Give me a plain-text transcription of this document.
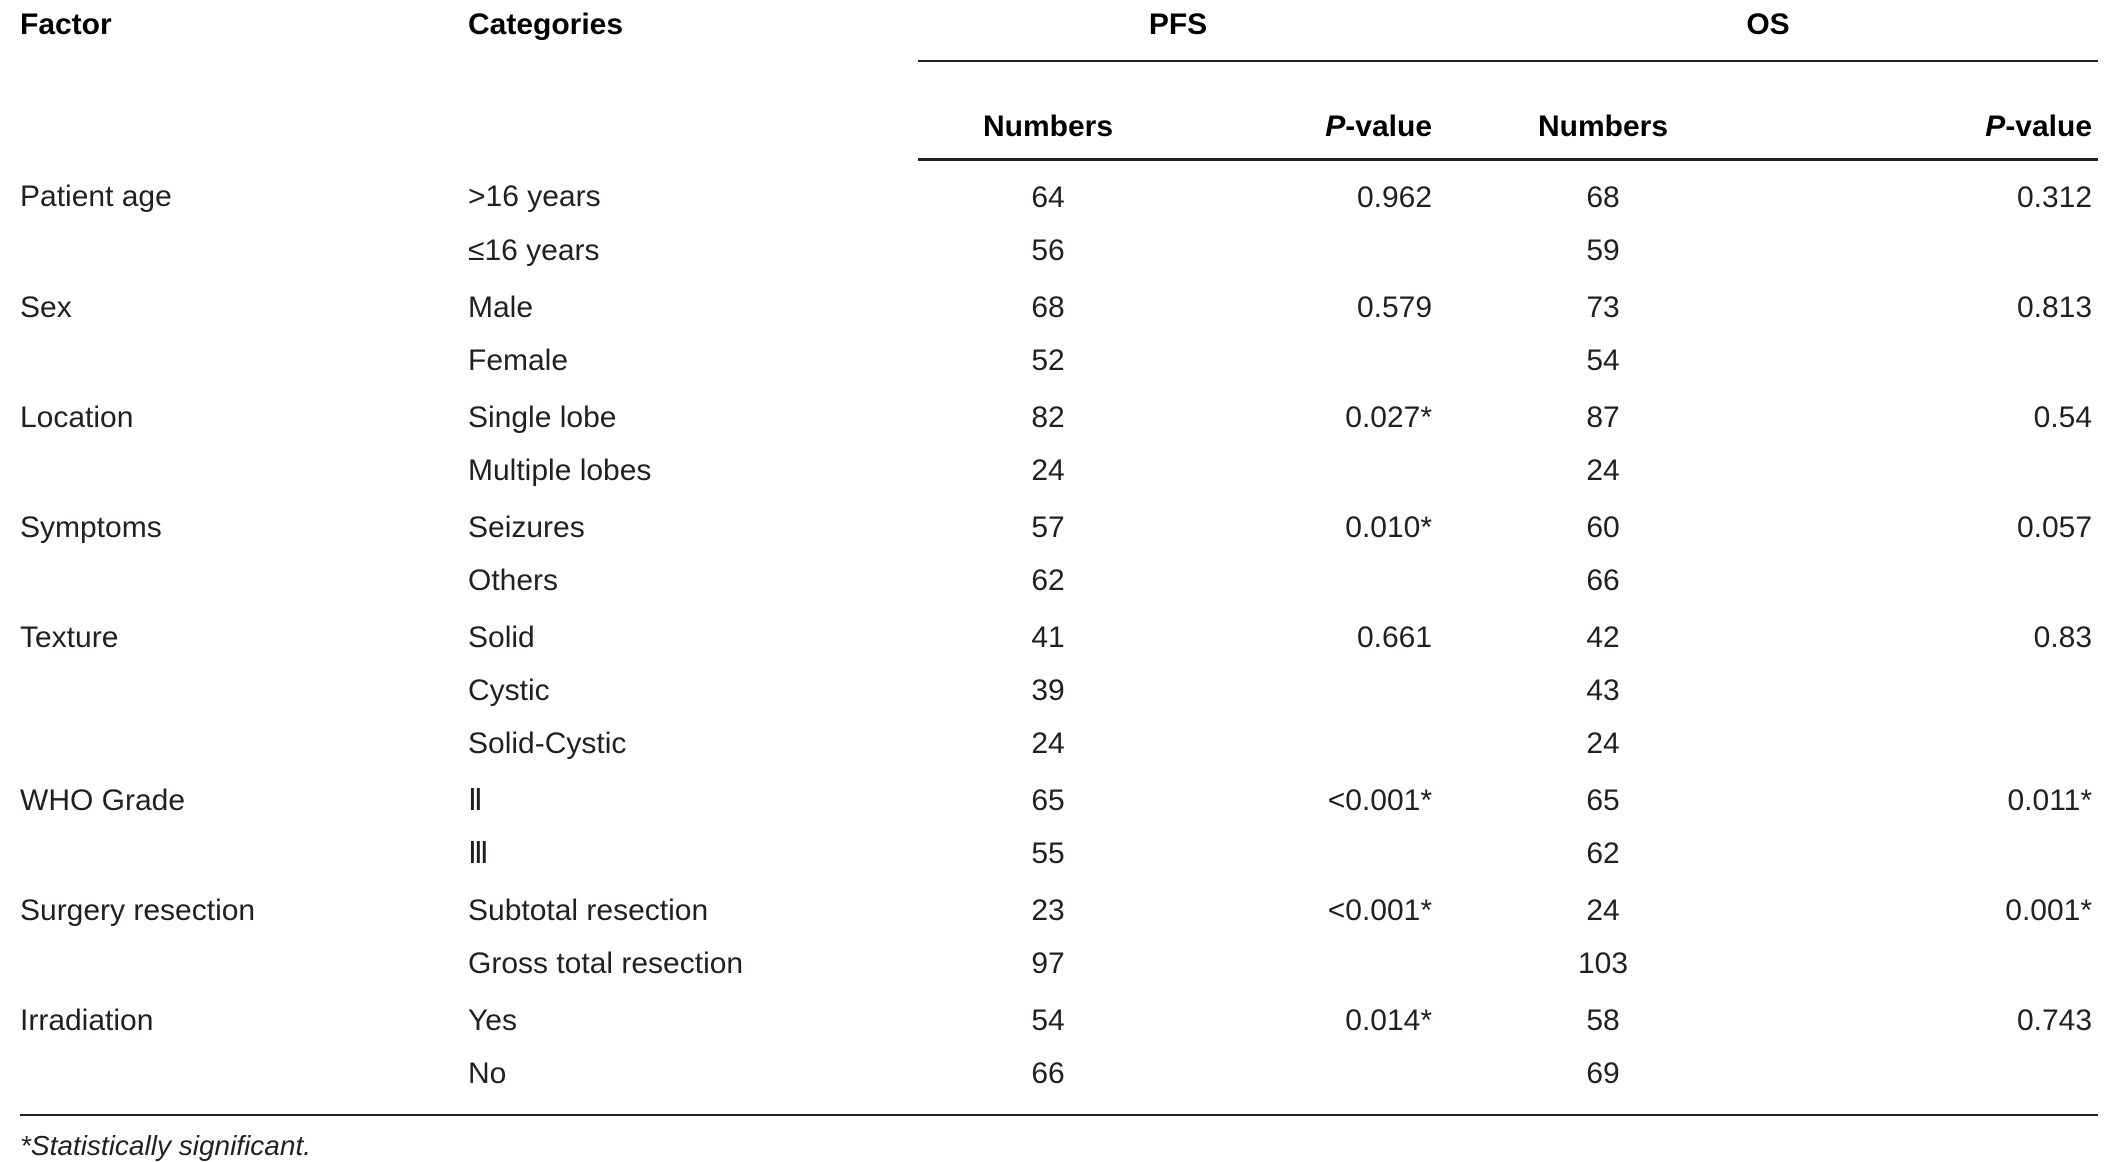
Factor	Categories	PFS		OS	

		Numbers	P-value	Numbers	P-value
Patient age	>16 years	64	0.962	68	0.312
	≤16 years	56		59	
Sex	Male	68	0.579	73	0.813
	Female	52		54	
Location	Single lobe	82	0.027*	87	0.54
	Multiple lobes	24		24	
Symptoms	Seizures	57	0.010*	60	0.057
	Others	62		66	
Texture	Solid	41	0.661	42	0.83
	Cystic	39		43	
	Solid-Cystic	24		24	
WHO Grade	Ⅱ	65	<0.001*	65	0.011*
	Ⅲ	55		62	
Surgery resection	Subtotal resection	23	<0.001*	24	0.001*
	Gross total resection	97		103	
Irradiation	Yes	54	0.014*	58	0.743
	No	66		69	
*Statistically significant.
